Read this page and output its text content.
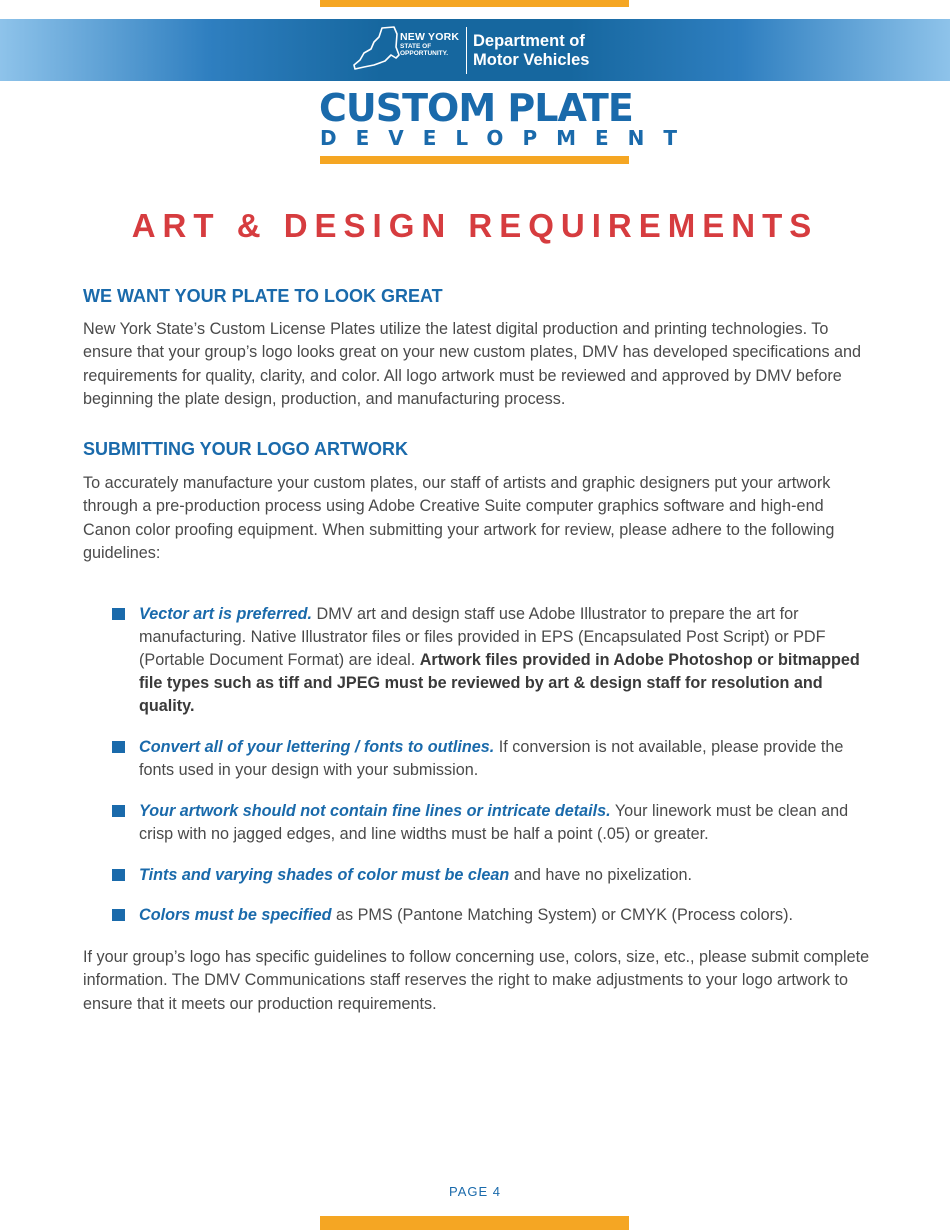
NEW YORK
STATE OF
OPPORTUNITY.
Department of
Motor Vehicles
CUSTOM PLATE
DEVELOPMENT
ART & DESIGN REQUIREMENTS
WE WANT YOUR PLATE TO LOOK GREAT

New York State’s Custom License Plates utilize the latest digital production and printing technologies. To ensure that your group’s logo looks great on your new custom plates, DMV has developed specifications and requirements for quality, clarity, and color. All logo artwork must be reviewed and approved by DMV before beginning the plate design, production, and manufacturing process.

SUBMITTING YOUR LOGO ARTWORK

To accurately manufacture your custom plates, our staff of artists and graphic designers put your artwork through a pre-production process using Adobe Creative Suite computer graphics software and high-end Canon color proofing equipment. When submitting your artwork for review, please adhere to the following guidelines:

Vector art is preferred. DMV art and design staff use Adobe Illustrator to prepare the art for manufacturing. Native Illustrator files or files provided in EPS (Encapsulated Post Script) or PDF (Portable Document Format) are ideal. Artwork files provided in Adobe Photoshop or bitmapped file types such as tiff and JPEG must be reviewed by art & design staff for resolution and quality.
Convert all of your lettering / fonts to outlines. If conversion is not available, please provide the fonts used in your design with your submission.
Your artwork should not contain fine lines or intricate details. Your linework must be clean and crisp with no jagged edges, and line widths must be half a point (.05) or greater.
Tints and varying shades of color must be clean and have no pixelization.
Colors must be specified as PMS (Pantone Matching System) or CMYK (Process colors).

If your group’s logo has specific guidelines to follow concerning use, colors, size, etc., please submit complete information. The DMV Communications staff reserves the right to make adjustments to your logo artwork to ensure that it meets our production requirements.

PAGE 4
